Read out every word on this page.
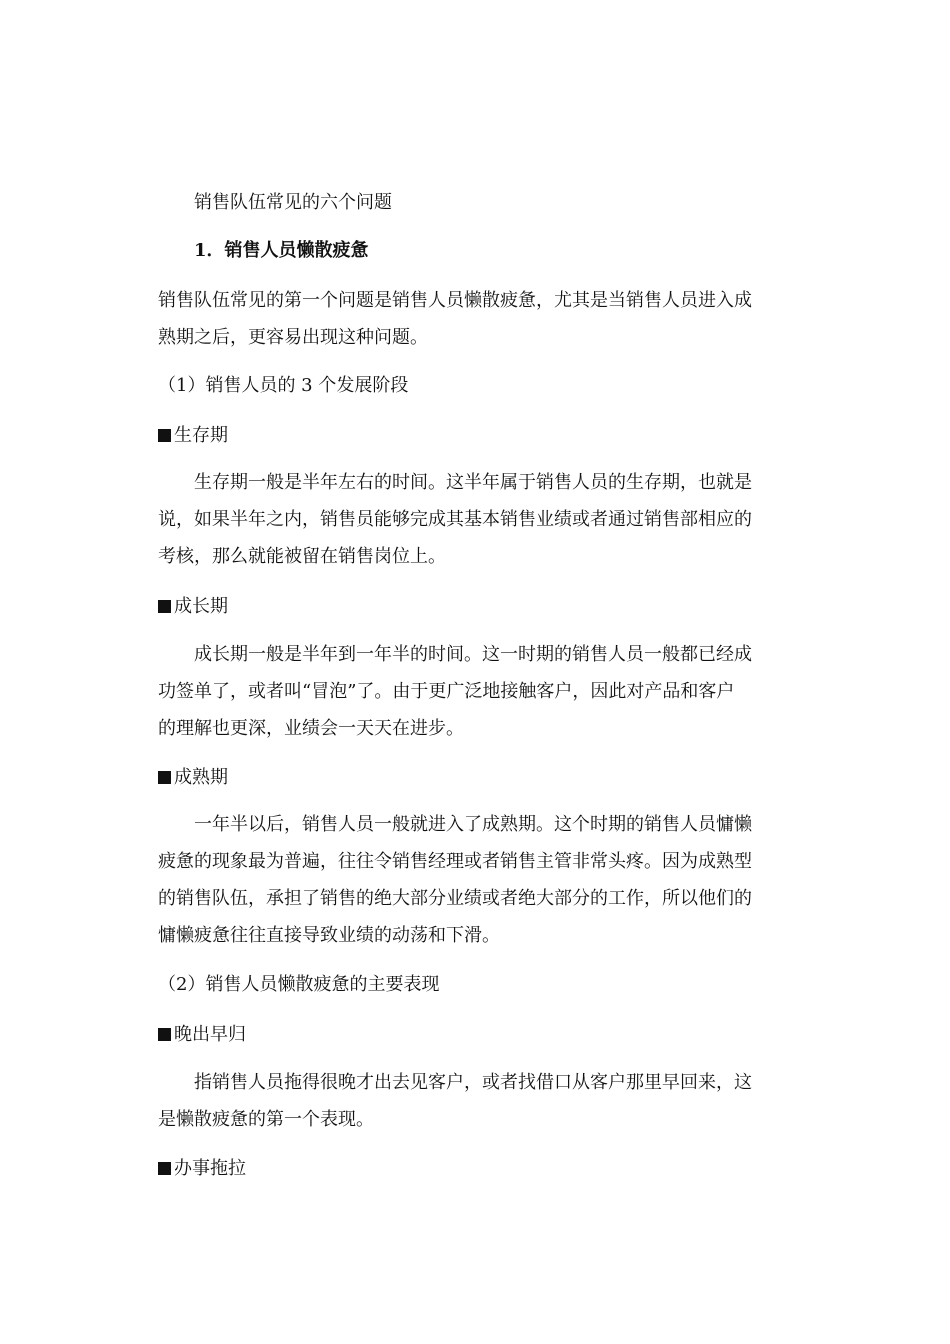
销售队伍常见的六个问题

1．销售人员懒散疲惫

销售队伍常见的第一个问题是销售人员懒散疲惫，尤其是当销售人员进入成

熟期之后，更容易出现这种问题。

（1）销售人员的 3 个发展阶段

生存期

生存期一般是半年左右的时间。这半年属于销售人员的生存期，也就是

说，如果半年之内，销售员能够完成其基本销售业绩或者通过销售部相应的

考核，那么就能被留在销售岗位上。

成长期

成长期一般是半年到一年半的时间。这一时期的销售人员一般都已经成

功签单了，或者叫“冒泡”了。由于更广泛地接触客户，因此对产品和客户

的理解也更深，业绩会一天天在进步。

成熟期

一年半以后，销售人员一般就进入了成熟期。这个时期的销售人员慵懒

疲惫的现象最为普遍，往往令销售经理或者销售主管非常头疼。因为成熟型

的销售队伍，承担了销售的绝大部分业绩或者绝大部分的工作，所以他们的

慵懒疲惫往往直接导致业绩的动荡和下滑。

（2）销售人员懒散疲惫的主要表现

晚出早归

指销售人员拖得很晚才出去见客户，或者找借口从客户那里早回来，这

是懒散疲惫的第一个表现。

办事拖拉
